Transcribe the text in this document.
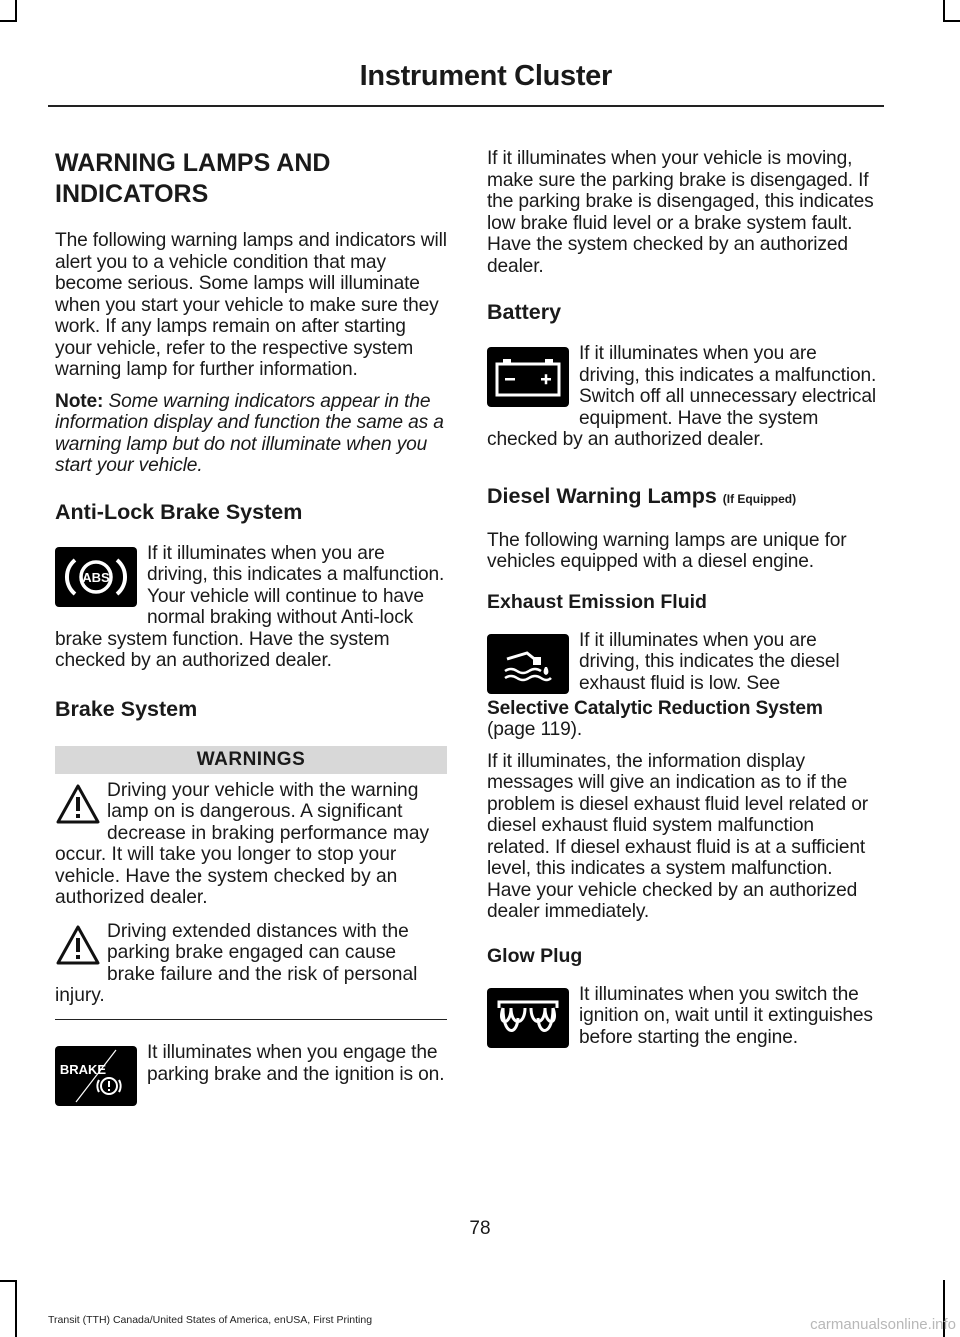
Instrument Cluster
WARNING LAMPS AND INDICATORS

The following warning lamps and indicators will alert you to a vehicle condition that may become serious. Some lamps will illuminate when you start your vehicle to make sure they work. If any lamps remain on after starting your vehicle, refer to the respective system warning lamp for further information.

Note: Some warning indicators appear in the information display and function the same as a warning lamp but do not illuminate when you start your vehicle.

Anti-Lock Brake System
ABS

If it illuminates when you are driving, this indicates a malfunction. Your vehicle will continue to have normal braking without Anti-lock brake system function. Have the system checked by an authorized dealer.

Brake System
WARNINGS
Driving your vehicle with the warning lamp on is dangerous. A significant decrease in braking performance may occur. It will take you longer to stop your vehicle. Have the system checked by an authorized dealer.
Driving extended distances with the parking brake engaged can cause brake failure and the risk of personal injury.
BRAKE

It illuminates when you engage the parking brake and the ignition is on.

If it illuminates when your vehicle is moving, make sure the parking brake is disengaged. If the parking brake is disengaged, this indicates low brake fluid level or a brake system fault. Have the system checked by an authorized dealer.

Battery

If it illuminates when you are driving, this indicates a malfunction. Switch off all unnecessary electrical equipment. Have the system checked by an authorized dealer.

Diesel Warning Lamps (If Equipped)

The following warning lamps are unique for vehicles equipped with a diesel engine.

Exhaust Emission Fluid

If it illuminates when you are driving, this indicates the diesel exhaust fluid is low. See

Selective Catalytic Reduction System
(page 119).

If it illuminates, the information display messages will give an indication as to if the problem is diesel exhaust fluid level related or diesel exhaust fluid system malfunction related. If diesel exhaust fluid is at a sufficient level, this indicates a system malfunction. Have your vehicle checked by an authorized dealer immediately.

Glow Plug

It illuminates when you switch the ignition on, wait until it extinguishes before starting the engine.

78
Transit (TTH) Canada/United States of America, enUSA, First Printing	carmanualsonline.info
